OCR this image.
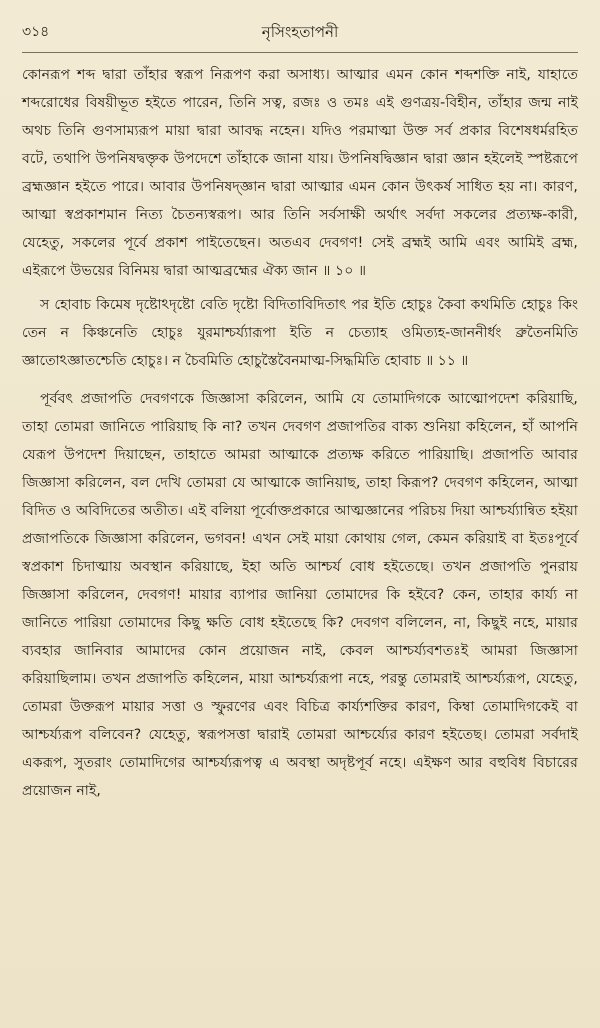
৩১৪	নৃসিংহতাপনী

কোনরূপ শব্দ দ্বারা তাঁহার স্বরূপ নিরূপণ করা অসাধ্য। আত্মার এমন কোন শব্দশক্তি নাই, যাহাতে শব্দরোধের বিষয়ীভূত হইতে পারেন, তিনি সত্ব, রজঃ ও তমঃ এই গুণত্রয়-বিহীন, তাঁহার জন্ম নাই অথচ তিনি গুণসাম্যরূপ মায়া দ্বারা আবদ্ধ নহেন। যদিও পরমাত্মা উক্ত সর্ব প্রকার বিশেষধর্মরহিত বটে, তথাপি উপনিষদ্বক্তৃক উপদেশে তাঁহাকে জানা যায়। উপনিষদ্বিজ্ঞান দ্বারা জ্ঞান হইলেই স্পষ্টরূপে ব্রহ্মজ্ঞান হইতে পারে। আবার উপনিষদ্জ্ঞান দ্বারা আত্মার এমন কোন উৎকর্ষ সাধিত হয় না। কারণ, আত্মা স্বপ্রকাশমান নিত্য চৈতন্যস্বরূপ। আর তিনি সর্বসাক্ষী অর্থাৎ সর্বদা সকলের প্রত্যক্ষ-কারী, যেহেতু, সকলের পূর্বে প্রকাশ পাইতেছেন। অতএব দেবগণ! সেই ব্রহ্মই আমি এবং আমিই ব্রহ্ম, এইরূপে উভয়ের বিনিময় দ্বারা আত্মব্রহ্মের ঐক্য জান ॥ ১০ ॥

স হোবাচ কিমেষ দৃষ্টোঽদৃষ্টো বেতি দৃষ্টো বিদিতাবিদিতাৎ পর ইতি হোচুঃ কৈবা কথমিতি হোচুঃ কিং তেন ন কিঞ্চনেতি হোচুঃ যুরমাশ্চর্য্যারূপা ইতি ন চেত্যাহ ওমিত্যহ-জাননীর্ধং ব্রুতৈনমিতি জ্ঞাতোঽজ্ঞাতশ্চেতি হোচুঃ। ন চৈবমিতি হোচুস্তৈবৈনমাত্ম-সিদ্ধমিতি হোবাচ ॥ ১১ ॥

পূর্ববৎ প্রজাপতি দেবগণকে জিজ্ঞাসা করিলেন, আমি যে তোমাদিগকে আত্মোপদেশ করিয়াছি, তাহা তোমরা জানিতে পারিয়াছ কি না? তখন দেবগণ প্রজাপতির বাক্য শুনিয়া কহিলেন, হাঁ আপনি যেরূপ উপদেশ দিয়াছেন, তাহাতে আমরা আত্মাকে প্রত্যক্ষ করিতে পারিয়াছি। প্রজাপতি আবার জিজ্ঞাসা করিলেন, বল দেখি তোমরা যে আত্মাকে জানিয়াছ, তাহা কিরূপ? দেবগণ কহিলেন, আত্মা বিদিত ও অবিদিতের অতীত। এই বলিয়া পূর্বোক্তপ্রকারে আত্মজ্ঞানের পরিচয় দিয়া আশ্চর্য্যান্বিত হইয়া প্রজাপতিকে জিজ্ঞাসা করিলেন, ভগবন! এখন সেই মায়া কোথায় গেল, কেমন করিয়াই বা ইতঃপূর্বে স্বপ্রকাশ চিদাত্মায় অবস্থান করিয়াছে, ইহা অতি আশ্চর্য বোধ হইতেছে। তখন প্রজাপতি পুনরায় জিজ্ঞাসা করিলেন, দেবগণ! মায়ার ব্যাপার জানিয়া তোমাদের কি হইবে? কেন, তাহার কার্য্য না জানিতে পারিয়া তোমাদের কিছু ক্ষতি বোধ হইতেছে কি? দেবগণ বলিলেন, না, কিছুই নহে, মায়ার ব্যবহার জানিবার আমাদের কোন প্রয়োজন নাই, কেবল আশ্চর্য্যবশতঃই আমরা জিজ্ঞাসা করিয়াছিলাম। তখন প্রজাপতি কহিলেন, মায়া আশ্চর্য্যরূপা নহে, পরন্তু তোমরাই আশ্চর্য্যরূপ, যেহেতু, তোমরা উক্তরূপ মায়ার সত্তা ও স্ফুরণের এবং বিচিত্র কার্য্যশক্তির কারণ, কিম্বা তোমাদিগকেই বা আশ্চর্য্যরূপ বলিবেন? যেহেতু, স্বরূপসত্তা দ্বারাই তোমরা আশ্চর্য্যের কারণ হইতেছ। তোমরা সর্বদাই একরূপ, সুতরাং তোমাদিগের আশ্চর্য্যরূপত্ব এ অবস্থা অদৃষ্টপূর্ব নহে। এইক্ষণ আর বহুবিধ বিচারের প্রয়োজন নাই,
